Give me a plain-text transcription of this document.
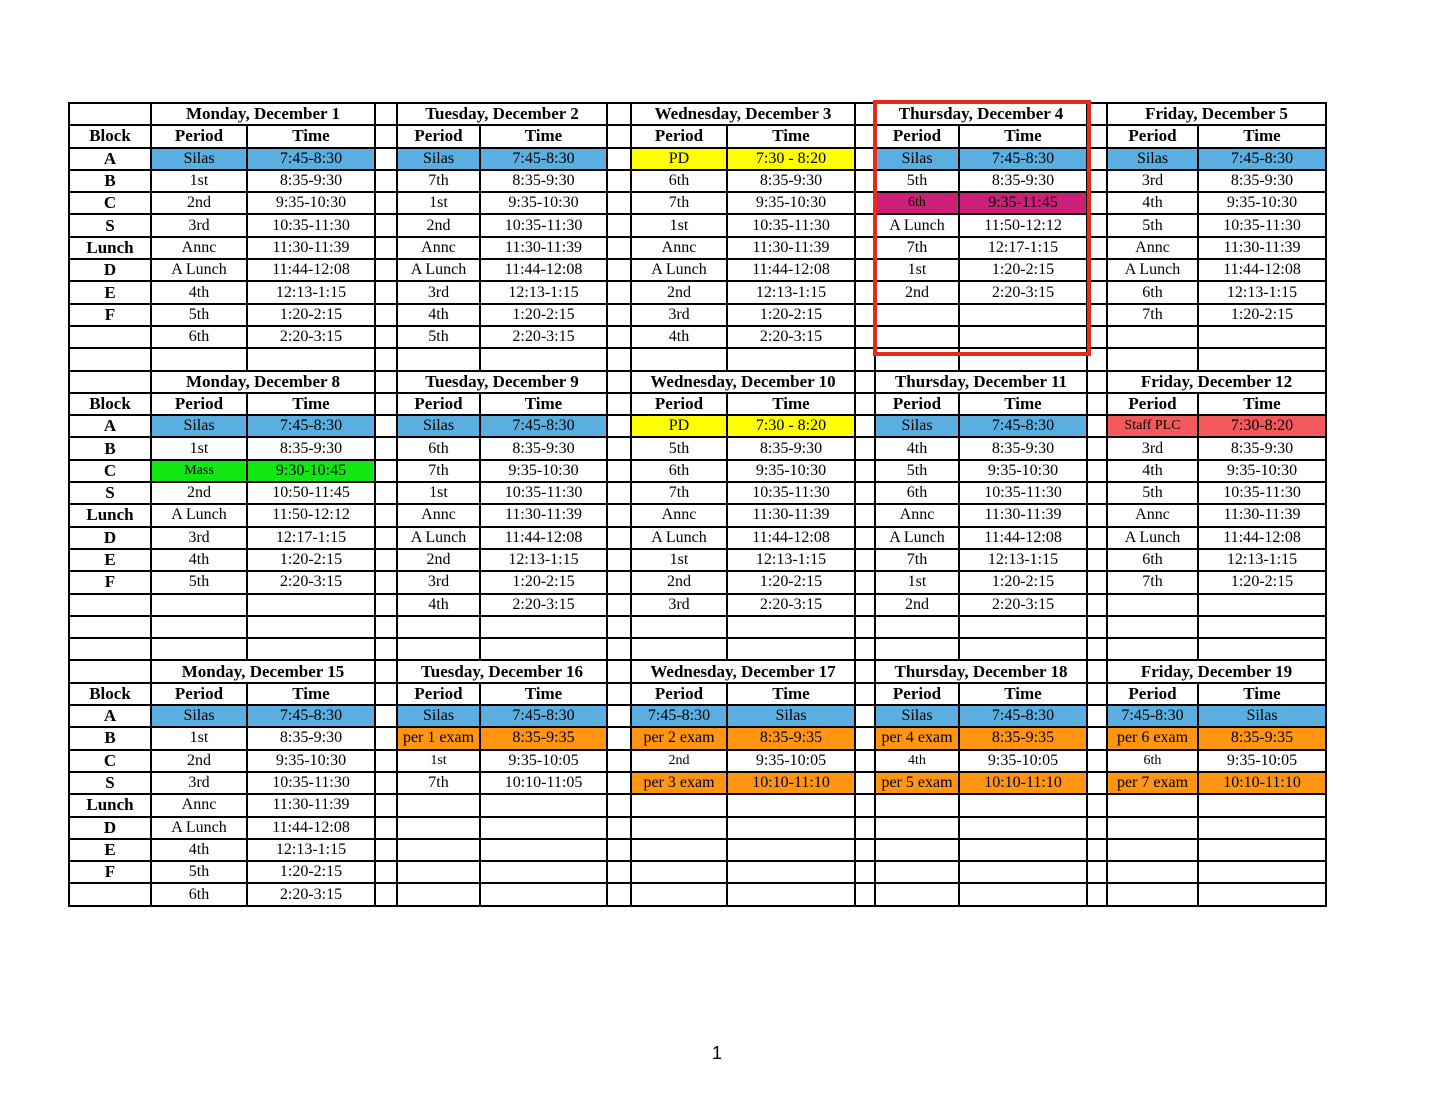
	Monday, December 1			Tuesday, December 2			Wednesday, December 3			Thursday, December 4			Friday, December 5	
Block	Period	Time		Period	Time		Period	Time		Period	Time		Period	Time
A	Silas	7:45-8:30		Silas	7:45-8:30		PD	7:30 - 8:20		Silas	7:45-8:30		Silas	7:45-8:30
B	1st	8:35-9:30		7th	8:35-9:30		6th	8:35-9:30		5th	8:35-9:30		3rd	8:35-9:30
C	2nd	9:35-10:30		1st	9:35-10:30		7th	9:35-10:30		6th	9:35-11:45		4th	9:35-10:30
S	3rd	10:35-11:30		2nd	10:35-11:30		1st	10:35-11:30		A Lunch	11:50-12:12		5th	10:35-11:30
Lunch	Annc	11:30-11:39		Annc	11:30-11:39		Annc	11:30-11:39		7th	12:17-1:15		Annc	11:30-11:39
D	A Lunch	11:44-12:08		A Lunch	11:44-12:08		A Lunch	11:44-12:08		1st	1:20-2:15		A Lunch	11:44-12:08
E	4th	12:13-1:15		3rd	12:13-1:15		2nd	12:13-1:15		2nd	2:20-3:15		6th	12:13-1:15
F	5th	1:20-2:15		4th	1:20-2:15		3rd	1:20-2:15					7th	1:20-2:15
	6th	2:20-3:15		5th	2:20-3:15		4th	2:20-3:15						

	Monday, December 8			Tuesday, December 9			Wednesday, December 10			Thursday, December 11			Friday, December 12	
Block	Period	Time		Period	Time		Period	Time		Period	Time		Period	Time
A	Silas	7:45-8:30		Silas	7:45-8:30		PD	7:30 - 8:20		Silas	7:45-8:30		Staff PLC	7:30-8:20
B	1st	8:35-9:30		6th	8:35-9:30		5th	8:35-9:30		4th	8:35-9:30		3rd	8:35-9:30
C	Mass	9:30-10:45		7th	9:35-10:30		6th	9:35-10:30		5th	9:35-10:30		4th	9:35-10:30
S	2nd	10:50-11:45		1st	10:35-11:30		7th	10:35-11:30		6th	10:35-11:30		5th	10:35-11:30
Lunch	A Lunch	11:50-12:12		Annc	11:30-11:39		Annc	11:30-11:39		Annc	11:30-11:39		Annc	11:30-11:39
D	3rd	12:17-1:15		A Lunch	11:44-12:08		A Lunch	11:44-12:08		A Lunch	11:44-12:08		A Lunch	11:44-12:08
E	4th	1:20-2:15		2nd	12:13-1:15		1st	12:13-1:15		7th	12:13-1:15		6th	12:13-1:15
F	5th	2:20-3:15		3rd	1:20-2:15		2nd	1:20-2:15		1st	1:20-2:15		7th	1:20-2:15
				4th	2:20-3:15		3rd	2:20-3:15		2nd	2:20-3:15			

	Monday, December 15			Tuesday, December 16			Wednesday, December 17			Thursday, December 18			Friday, December 19	
Block	Period	Time		Period	Time		Period	Time		Period	Time		Period	Time
A	Silas	7:45-8:30		Silas	7:45-8:30		7:45-8:30	Silas		Silas	7:45-8:30		7:45-8:30	Silas
B	1st	8:35-9:30		per 1 exam	8:35-9:35		per 2 exam	8:35-9:35		per 4 exam	8:35-9:35		per 6 exam	8:35-9:35
C	2nd	9:35-10:30		1st	9:35-10:05		2nd	9:35-10:05		4th	9:35-10:05		6th	9:35-10:05
S	3rd	10:35-11:30		7th	10:10-11:05		per 3 exam	10:10-11:10		per 5 exam	10:10-11:10		per 7 exam	10:10-11:10
Lunch	Annc	11:30-11:39												
D	A Lunch	11:44-12:08												
E	4th	12:13-1:15												
F	5th	1:20-2:15												
	6th	2:20-3:15												
1
